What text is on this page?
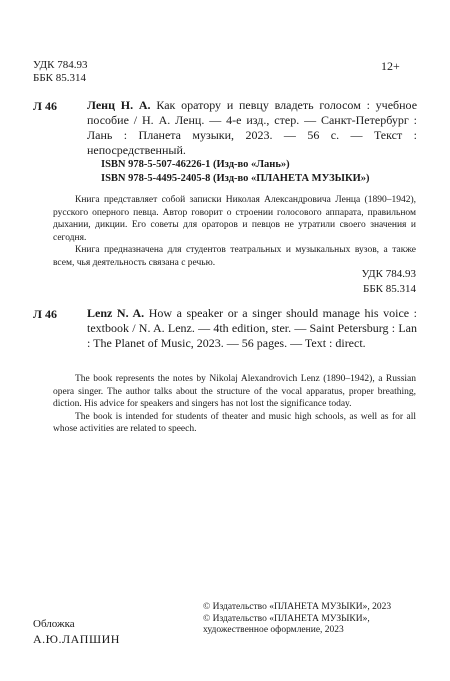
УДК 784.93
ББК 85.314
12+
Л 46	Ленц Н. А. Как оратору и певцу владеть голосом : учебное пособие / Н. А. Ленц. — 4-е изд., стер. — Санкт-Петербург : Лань : Планета музыки, 2023. — 56 с. — Текст : непосредственный.

ISBN 978-5-507-46226-1 (Изд-во «Лань»)
ISBN 978-5-4495-2405-8 (Изд-во «ПЛАНЕТА МУЗЫКИ»)

Книга представляет собой записки Николая Александровича Ленца (1890–1942), русского оперного певца. Автор говорит о строении голосового аппарата, правильном дыхании, дикции. Его советы для ораторов и певцов не утратили своего значения и сегодня.

Книга предназначена для студентов театральных и музыкальных вузов, а также всем, чья деятельность связана с речью.

УДК 784.93
ББК 85.314
Л 46	Lenz N. A. How a speaker or a singer should manage his voice : textbook / N. A. Lenz. — 4th edition, ster. — Saint Petersburg : Lan : The Planet of Music, 2023. — 56 pages. — Text : direct.

The book represents the notes by Nikolaj Alexandrovich Lenz (1890–1942), a Russian opera singer. The author talks about the structure of the vocal apparatus, proper breathing, diction. His advice for speakers and singers has not lost the significance today.

The book is intended for students of theater and music high schools, as well as for all whose activities are related to speech.

Обложка
А.Ю.ЛАПШИН
© Издательство «ПЛАНЕТА МУЗЫКИ», 2023
© Издательство «ПЛАНЕТА МУЗЫКИ», художественное оформление, 2023
